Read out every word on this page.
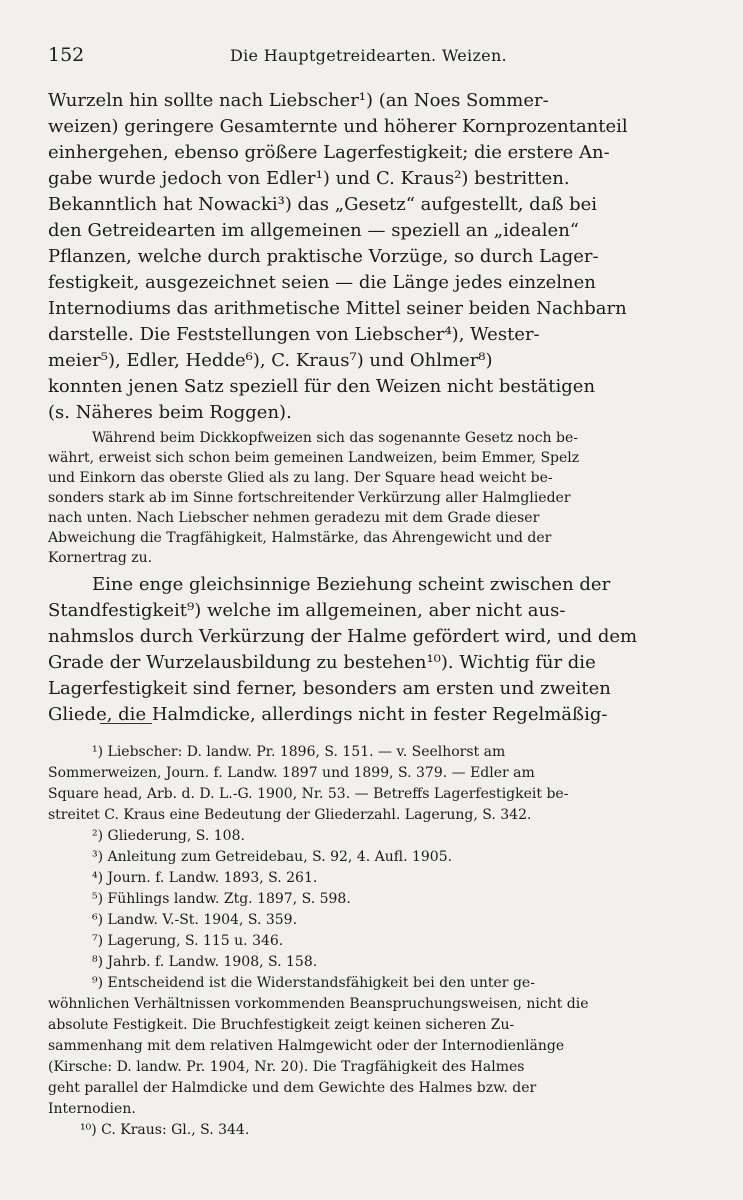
152	Die Hauptgetreidearten. Weizen.
Wurzeln hin sollte nach Liebscher¹) (an Noes Sommer-
weizen) geringere Gesamternte und höherer Kornprozentanteil
einhergehen, ebenso größere Lagerfestigkeit; die erstere An-
gabe wurde jedoch von Edler¹) und C. Kraus²) bestritten.
Bekanntlich hat Nowacki³) das „Gesetz“ aufgestellt, daß bei
den Getreidearten im allgemeinen — speziell an „idealen“
Pflanzen, welche durch praktische Vorzüge, so durch Lager-
festigkeit, ausgezeichnet seien — die Länge jedes einzelnen
Internodiums das arithmetische Mittel seiner beiden Nachbarn
darstelle. Die Feststellungen von Liebscher⁴), Wester-
meier⁵), Edler, Hedde⁶), C. Kraus⁷) und Ohlmer⁸)
konnten jenen Satz speziell für den Weizen nicht bestätigen
(s. Näheres beim Roggen).
Während beim Dickkopfweizen sich das sogenannte Gesetz noch be-
währt, erweist sich schon beim gemeinen Landweizen, beim Emmer, Spelz
und Einkorn das oberste Glied als zu lang. Der Square head weicht be-
sonders stark ab im Sinne fortschreitender Verkürzung aller Halmglieder
nach unten. Nach Liebscher nehmen geradezu mit dem Grade dieser
Abweichung die Tragfähigkeit, Halmstärke, das Ährengewicht und der
Kornertrag zu.
Eine enge gleichsinnige Beziehung scheint zwischen der
Standfestigkeit⁹) welche im allgemeinen, aber nicht aus-
nahmslos durch Verkürzung der Halme gefördert wird, und dem
Grade der Wurzelausbildung zu bestehen¹⁰). Wichtig für die
Lagerfestigkeit sind ferner, besonders am ersten und zweiten
Gliede, die Halmdicke, allerdings nicht in fester Regelmäßig-
¹) Liebscher: D. landw. Pr. 1896, S. 151. — v. Seelhorst am
Sommerweizen, Journ. f. Landw. 1897 und 1899, S. 379. — Edler am
Square head, Arb. d. D. L.-G. 1900, Nr. 53. — Betreffs Lagerfestigkeit be-
streitet C. Kraus eine Bedeutung der Gliederzahl. Lagerung, S. 342.
²) Gliederung, S. 108.
³) Anleitung zum Getreidebau, S. 92, 4. Aufl. 1905.
⁴) Journ. f. Landw. 1893, S. 261.
⁵) Fühlings landw. Ztg. 1897, S. 598.
⁶) Landw. V.-St. 1904, S. 359.
⁷) Lagerung, S. 115 u. 346.
⁸) Jahrb. f. Landw. 1908, S. 158.
⁹) Entscheidend ist die Widerstandsfähigkeit bei den unter ge-
wöhnlichen Verhältnissen vorkommenden Beanspruchungsweisen, nicht die
absolute Festigkeit. Die Bruchfestigkeit zeigt keinen sicheren Zu-
sammenhang mit dem relativen Halmgewicht oder der Internodienlänge
(Kirsche: D. landw. Pr. 1904, Nr. 20). Die Tragfähigkeit des Halmes
geht parallel der Halmdicke und dem Gewichte des Halmes bzw. der
Internodien.
¹⁰) C. Kraus: Gl., S. 344.
